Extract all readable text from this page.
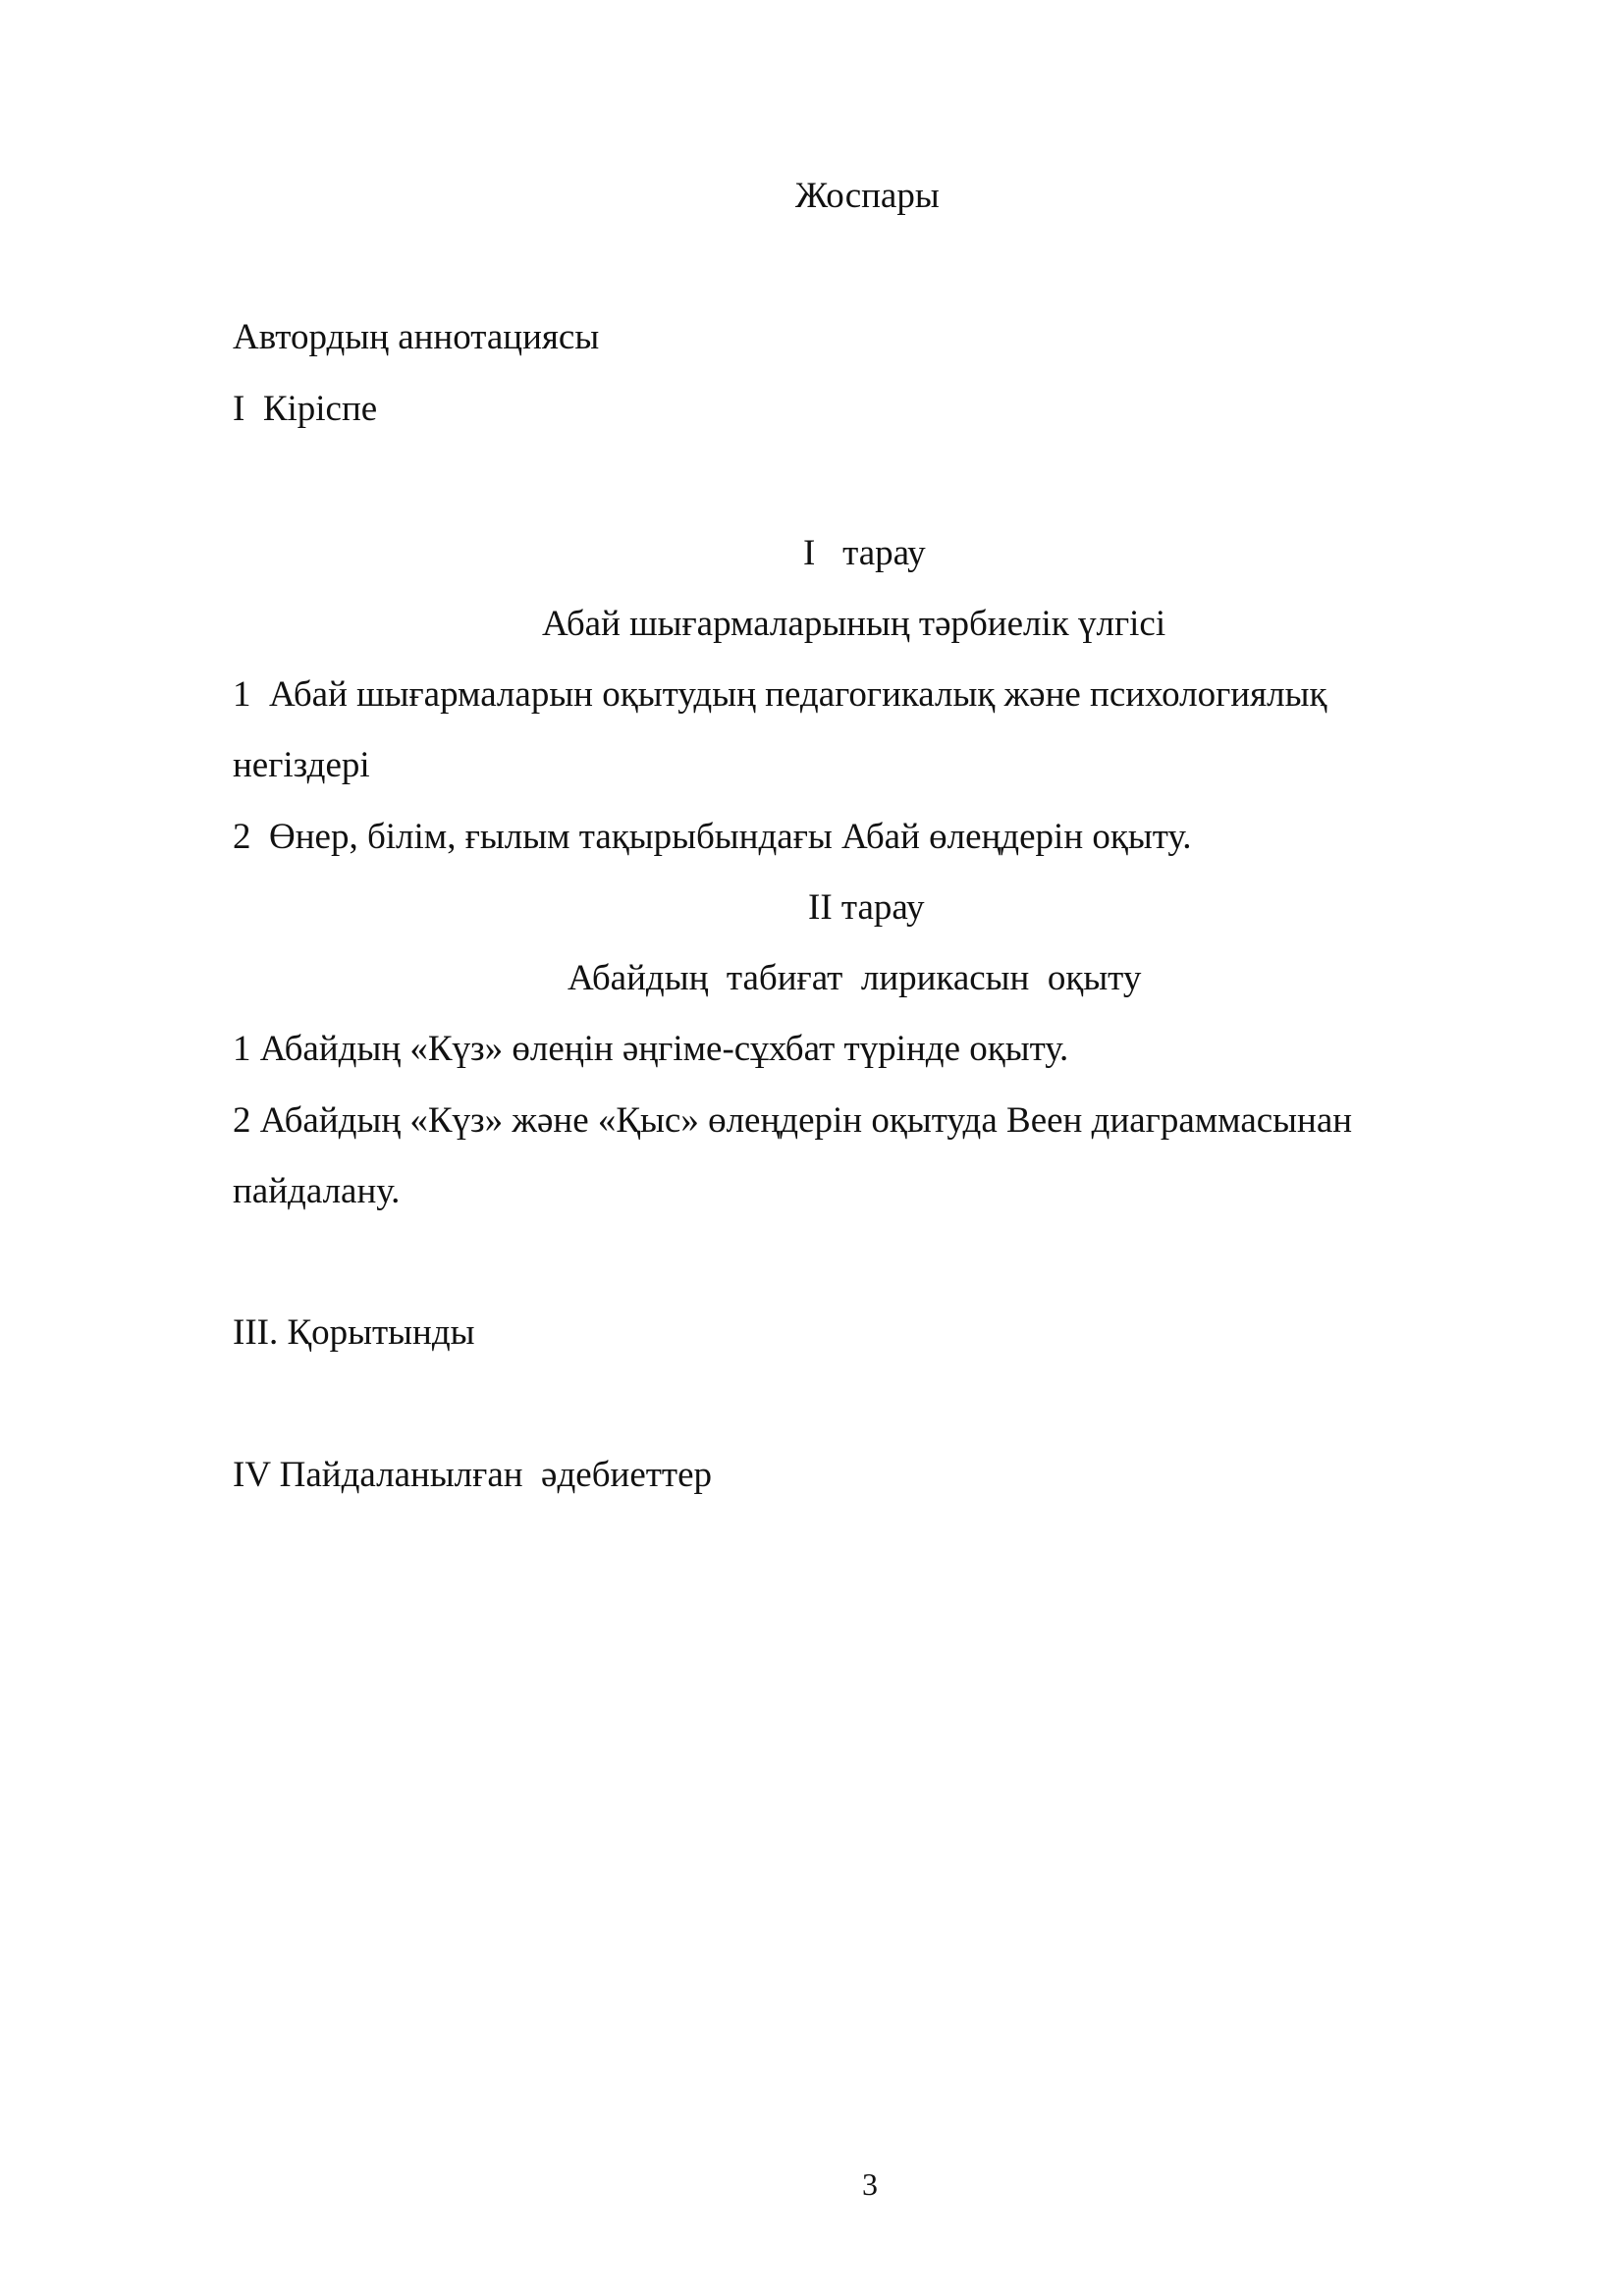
Жоспары
Автордың аннотациясы
I  Кіріспе
I   тарау
Абай шығармаларының тәрбиелік үлгісі
1  Абай шығармаларын оқытудың педагогикалық және психологиялық
негіздері
2  Өнер, білім, ғылым тақырыбындағы Абай өлеңдерін оқыту.
II тарау
Абайдың  табиғат  лирикасын  оқыту
1 Абайдың «Күз» өлеңін әңгіме-сұхбат түрінде оқыту.
2 Абайдың «Күз» және «Қыс» өлеңдерін оқытуда Веен диаграммасынан
пайдалану.
III. Қорытынды
IV Пайдаланылған  әдебиеттер
3
